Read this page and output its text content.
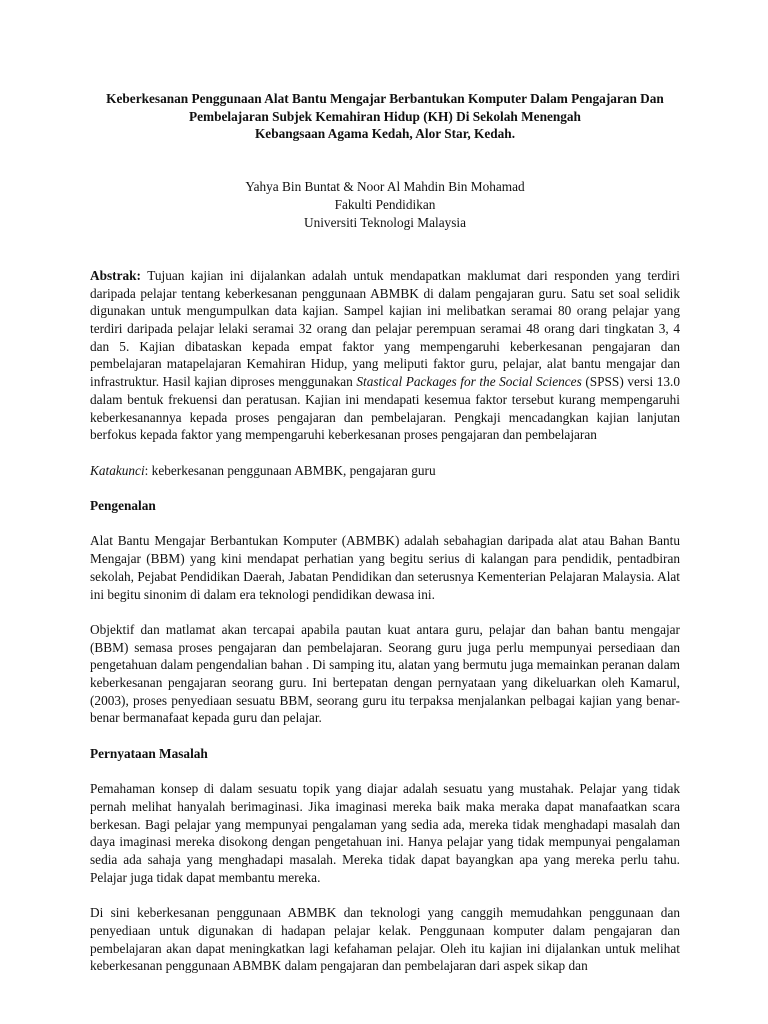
Keberkesanan Penggunaan Alat Bantu Mengajar Berbantukan Komputer Dalam Pengajaran Dan
Pembelajaran Subjek Kemahiran Hidup (KH) Di Sekolah Menengah
Kebangsaan Agama Kedah, Alor Star, Kedah.
Yahya Bin Buntat & Noor Al Mahdin Bin Mohamad
Fakulti Pendidikan
Universiti Teknologi Malaysia

Abstrak: Tujuan kajian ini dijalankan adalah untuk mendapatkan maklumat dari responden yang terdiri daripada pelajar tentang keberkesanan penggunaan ABMBK di dalam pengajaran guru. Satu set soal selidik digunakan untuk mengumpulkan data kajian. Sampel kajian ini melibatkan seramai 80 orang pelajar yang terdiri daripada pelajar lelaki seramai 32 orang dan pelajar perempuan seramai 48 orang dari tingkatan 3, 4 dan 5. Kajian dibataskan kepada empat faktor yang mempengaruhi keberkesanan pengajaran dan pembelajaran matapelajaran Kemahiran Hidup, yang meliputi faktor guru, pelajar, alat bantu mengajar dan infrastruktur. Hasil kajian diproses menggunakan Stastical Packages for the Social Sciences (SPSS) versi 13.0 dalam bentuk frekuensi dan peratusan. Kajian ini mendapati kesemua faktor tersebut kurang mempengaruhi keberkesanannya kepada proses pengajaran dan pembelajaran. Pengkaji mencadangkan kajian lanjutan berfokus kepada faktor yang mempengaruhi keberkesanan proses pengajaran dan pembelajaran

Katakunci: keberkesanan penggunaan ABMBK, pengajaran guru

Pengenalan

Alat Bantu Mengajar Berbantukan Komputer (ABMBK) adalah sebahagian daripada alat atau Bahan Bantu Mengajar (BBM) yang kini mendapat perhatian yang begitu serius di kalangan para pendidik, pentadbiran sekolah, Pejabat Pendidikan Daerah, Jabatan Pendidikan dan seterusnya Kementerian Pelajaran Malaysia. Alat ini begitu sinonim di dalam era teknologi pendidikan dewasa ini.

Objektif dan matlamat akan tercapai apabila pautan kuat antara guru, pelajar dan bahan bantu mengajar (BBM) semasa proses pengajaran dan pembelajaran. Seorang guru juga perlu mempunyai persediaan dan pengetahuan dalam pengendalian bahan . Di samping itu, alatan yang bermutu juga memainkan peranan dalam keberkesanan pengajaran seorang guru. Ini bertepatan dengan pernyataan yang dikeluarkan oleh Kamarul, (2003), proses penyediaan sesuatu BBM, seorang guru itu terpaksa menjalankan pelbagai kajian yang benar-benar bermanafaat kepada guru dan pelajar.

Pernyataan Masalah

Pemahaman konsep di dalam sesuatu topik yang diajar adalah sesuatu yang mustahak. Pelajar yang tidak pernah melihat hanyalah berimaginasi. Jika imaginasi mereka baik maka meraka dapat manafaatkan scara berkesan. Bagi pelajar yang mempunyai pengalaman yang sedia ada, mereka tidak menghadapi masalah dan daya imaginasi mereka disokong dengan pengetahuan ini. Hanya pelajar yang tidak mempunyai pengalaman sedia ada sahaja yang menghadapi masalah. Mereka tidak dapat bayangkan apa yang mereka perlu tahu. Pelajar juga tidak dapat membantu mereka.

Di sini keberkesanan penggunaan ABMBK dan teknologi yang canggih memudahkan penggunaan dan penyediaan untuk digunakan di hadapan pelajar kelak. Penggunaan komputer dalam pengajaran dan pembelajaran akan dapat meningkatkan lagi kefahaman pelajar. Oleh itu kajian ini dijalankan untuk melihat keberkesanan penggunaan ABMBK dalam pengajaran dan pembelajaran dari aspek sikap dan
